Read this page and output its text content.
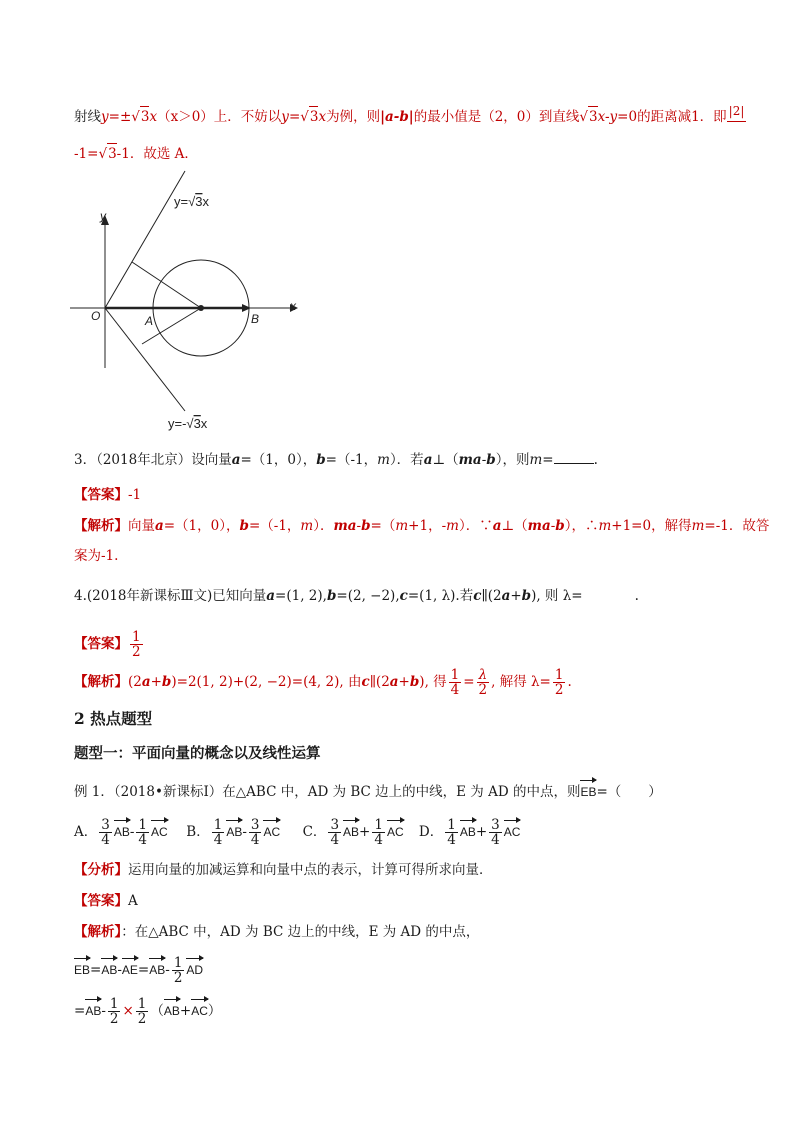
射线y=±√3x（x＞0）上．不妨以y=√3x为例，则|a-b|的最小值是（2，0）到直线√3x-y=0的距离减1．即 |2|
-1=√3-1．故选 A．
y=√3x
y=-√3x
y
x
O	A	B
3．（2018年北京）设向量a=（1，0），b=（-1，m）．若a⊥（ma-b），则m=	.
【答案】-1
【解析】向量a=（1，0），b=（-1，m）．ma-b=（m+1，-m）．∵a⊥（ma-b），∴m+1=0，解得m=-1．故答
案为-1.
4.(2018年新课标Ⅲ文)已知向量a=(1, 2),b=(2, −2),c=(1, λ).若c∥(2a+b), 则 λ=	.
【答案】 $\frac{1}{2}$
【解析】(2a+b)=2(1, 2)+(2, −2)=(4, 2), 由c∥(2a+b), 得 $\frac{1}{4} = \frac{\lambda}{2}$ , 解得 $\lambda= \frac{1}{2}$ .
2 热点题型
题型一：平面向量的概念以及线性运算
例 1．（2018•新课标Ⅰ）在△ABC 中，AD 为 BC 边上的中线，E 为 AD 的中点，则EB=（　　）
A． $\frac{3}{4} AB- \frac{1}{4}$ AC B． $\frac{1}{4} AB- \frac{3}{4}$ AC C． $\frac{3}{4} AB+ \frac{1}{4}$ AC D． $\frac{1}{4} AB+ \frac{3}{4}$ AC
【分析】运用向量的加减运算和向量中点的表示，计算可得所求向量．
【答案】A
【解析】：在△ABC 中，AD 为 BC 边上的中线，E 为 AD 的中点，
$EB=AB-AE=AB- \frac{1}{2}$ AD
$=AB- \frac{1}{2} \times \frac{1}{2} (AB+AC)$
